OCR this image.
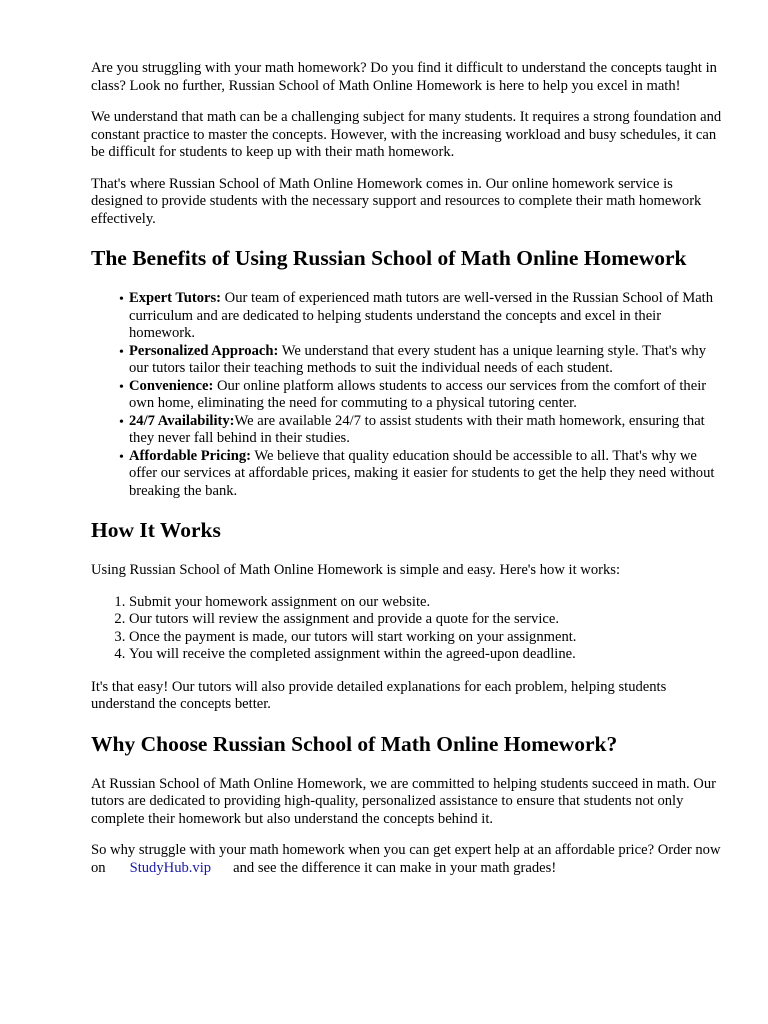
Are you struggling with your math homework? Do you find it difficult to understand the concepts taught in class? Look no further, Russian School of Math Online Homework is here to help you excel in math!

We understand that math can be a challenging subject for many students. It requires a strong foundation and constant practice to master the concepts. However, with the increasing workload and busy schedules, it can be difficult for students to keep up with their math homework.

That's where Russian School of Math Online Homework comes in. Our online homework service is designed to provide students with the necessary support and resources to complete their math homework effectively.

The Benefits of Using Russian School of Math Online Homework
• Expert Tutors: Our team of experienced math tutors are well-versed in the Russian School of Math curriculum and are dedicated to helping students understand the concepts and excel in their homework.
• Personalized Approach: We understand that every student has a unique learning style. That's why our tutors tailor their teaching methods to suit the individual needs of each student.
• Convenience: Our online platform allows students to access our services from the comfort of their own home, eliminating the need for commuting to a physical tutoring center.
• 24/7 Availability:We are available 24/7 to assist students with their math homework, ensuring that they never fall behind in their studies.
• Affordable Pricing: We believe that quality education should be accessible to all. That's why we offer our services at affordable prices, making it easier for students to get the help they need without breaking the bank.
How It Works

Using Russian School of Math Online Homework is simple and easy. Here's how it works:

1. Submit your homework assignment on our website.
2. Our tutors will review the assignment and provide a quote for the service.
3. Once the payment is made, our tutors will start working on your assignment.
4. You will receive the completed assignment within the agreed-upon deadline.

It's that easy! Our tutors will also provide detailed explanations for each problem, helping students understand the concepts better.

Why Choose Russian School of Math Online Homework?

At Russian School of Math Online Homework, we are committed to helping students succeed in math. Our tutors are dedicated to providing high-quality, personalized assistance to ensure that students not only complete their homework but also understand the concepts behind it.

So why struggle with your math homework when you can get expert help at an affordable price? Order now on StudyHub.vip and see the difference it can make in your math grades!
